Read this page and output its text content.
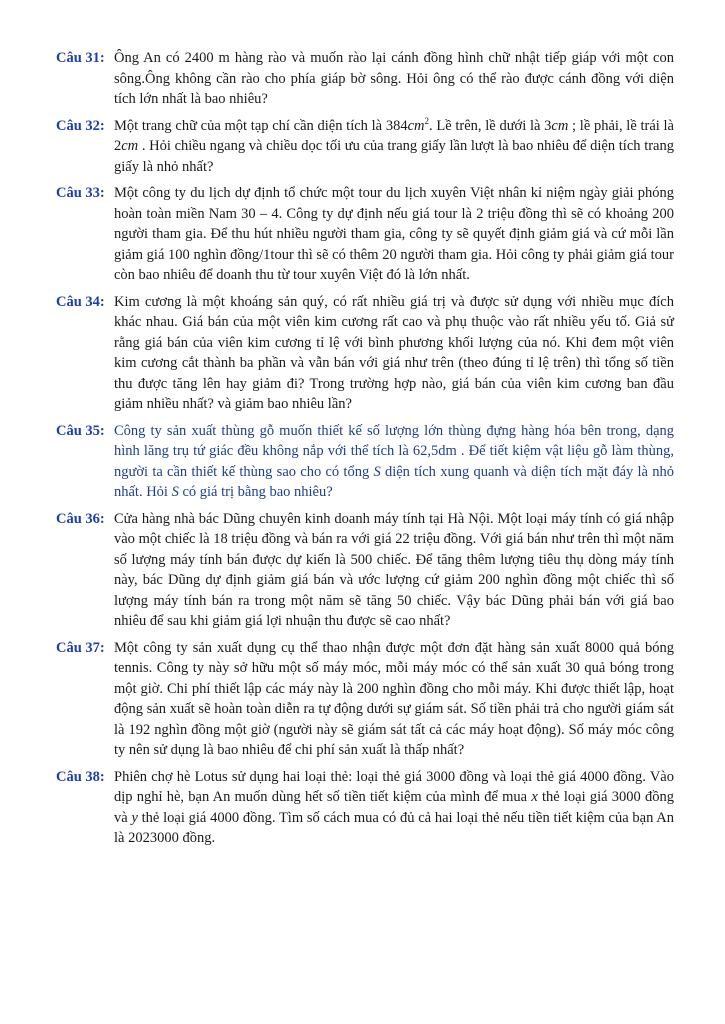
Câu 31: Ông An có 2400 m hàng rào và muốn rào lại cánh đồng hình chữ nhật tiếp giáp với một con sông.Ông không cần rào cho phía giáp bờ sông. Hỏi ông có thể rào được cánh đồng với diện tích lớn nhất là bao nhiêu?

Câu 32: Một trang chữ của một tạp chí cần diện tích là $384cm^2$. Lề trên, lề dưới là 3cm ; lề phải, lề trái là 2cm . Hỏi chiều ngang và chiều dọc tối ưu của trang giấy lần lượt là bao nhiêu để diện tích trang giấy là nhỏ nhất?

Câu 33: Một công ty du lịch dự định tổ chức một tour du lịch xuyên Việt nhân kỉ niệm ngày giải phóng hoàn toàn miền Nam 30 – 4. Công ty dự định nếu giá tour là 2 triệu đồng thì sẽ có khoảng 200 người tham gia. Để thu hút nhiều người tham gia, công ty sẽ quyết định giảm giá và cứ mỗi lần giảm giá 100 nghìn đồng/1tour thì sẽ có thêm 20 người tham gia. Hỏi công ty phải giảm giá tour còn bao nhiêu để doanh thu từ tour xuyên Việt đó là lớn nhất.

Câu 34: Kim cương là một khoáng sản quý, có rất nhiều giá trị và được sử dụng với nhiều mục đích khác nhau. Giá bán của một viên kim cương rất cao và phụ thuộc vào rất nhiều yếu tố. Giả sử rằng giá bán của viên kim cương tỉ lệ với bình phương khối lượng của nó. Khi đem một viên kim cương cắt thành ba phần và vẫn bán với giá như trên (theo đúng tỉ lệ trên) thì tổng số tiền thu được tăng lên hay giảm đi? Trong trường hợp nào, giá bán của viên kim cương ban đầu giảm nhiều nhất? và giảm bao nhiêu lần?

Câu 35: Công ty sản xuất thùng gỗ muốn thiết kế số lượng lớn thùng đựng hàng hóa bên trong, dạng hình lăng trụ tứ giác đều không nắp với thể tích là 62,5dm . Để tiết kiệm vật liệu gỗ làm thùng, người ta cần thiết kế thùng sao cho có tổng S diện tích xung quanh và diện tích mặt đáy là nhỏ nhất. Hỏi S có giá trị bằng bao nhiêu?

Câu 36: Cửa hàng nhà bác Dũng chuyên kinh doanh máy tính tại Hà Nội. Một loại máy tính có giá nhập vào một chiếc là 18 triệu đồng và bán ra với giá 22 triệu đồng. Với giá bán như trên thì một năm số lượng máy tính bán được dự kiến là 500 chiếc. Để tăng thêm lượng tiêu thụ dòng máy tính này, bác Dũng dự định giảm giá bán và ước lượng cứ giảm 200 nghìn đồng một chiếc thì số lượng máy tính bán ra trong một năm sẽ tăng 50 chiếc. Vậy bác Dũng phải bán với giá bao nhiêu để sau khi giảm giá lợi nhuận thu được sẽ cao nhất?

Câu 37: Một công ty sản xuất dụng cụ thể thao nhận được một đơn đặt hàng sản xuất 8000 quả bóng tennis. Công ty này sở hữu một số máy móc, mỗi máy móc có thể sản xuất 30 quả bóng trong một giờ. Chi phí thiết lập các máy này là 200 nghìn đồng cho mỗi máy. Khi được thiết lập, hoạt động sản xuất sẽ hoàn toàn diễn ra tự động dưới sự giám sát. Số tiền phải trả cho người giám sát là 192 nghìn đồng một giờ (người này sẽ giám sát tất cả các máy hoạt động). Số máy móc công ty nên sử dụng là bao nhiêu để chi phí sản xuất là thấp nhất?

Câu 38: Phiên chợ hè Lotus sử dụng hai loại thẻ: loại thẻ giá 3000 đồng và loại thẻ giá 4000 đồng. Vào dịp nghỉ hè, bạn An muốn dùng hết số tiền tiết kiệm của mình để mua x thẻ loại giá 3000 đồng và y thẻ loại giá 4000 đồng. Tìm số cách mua có đủ cả hai loại thẻ nếu tiền tiết kiệm của bạn An là 2023000 đồng.
